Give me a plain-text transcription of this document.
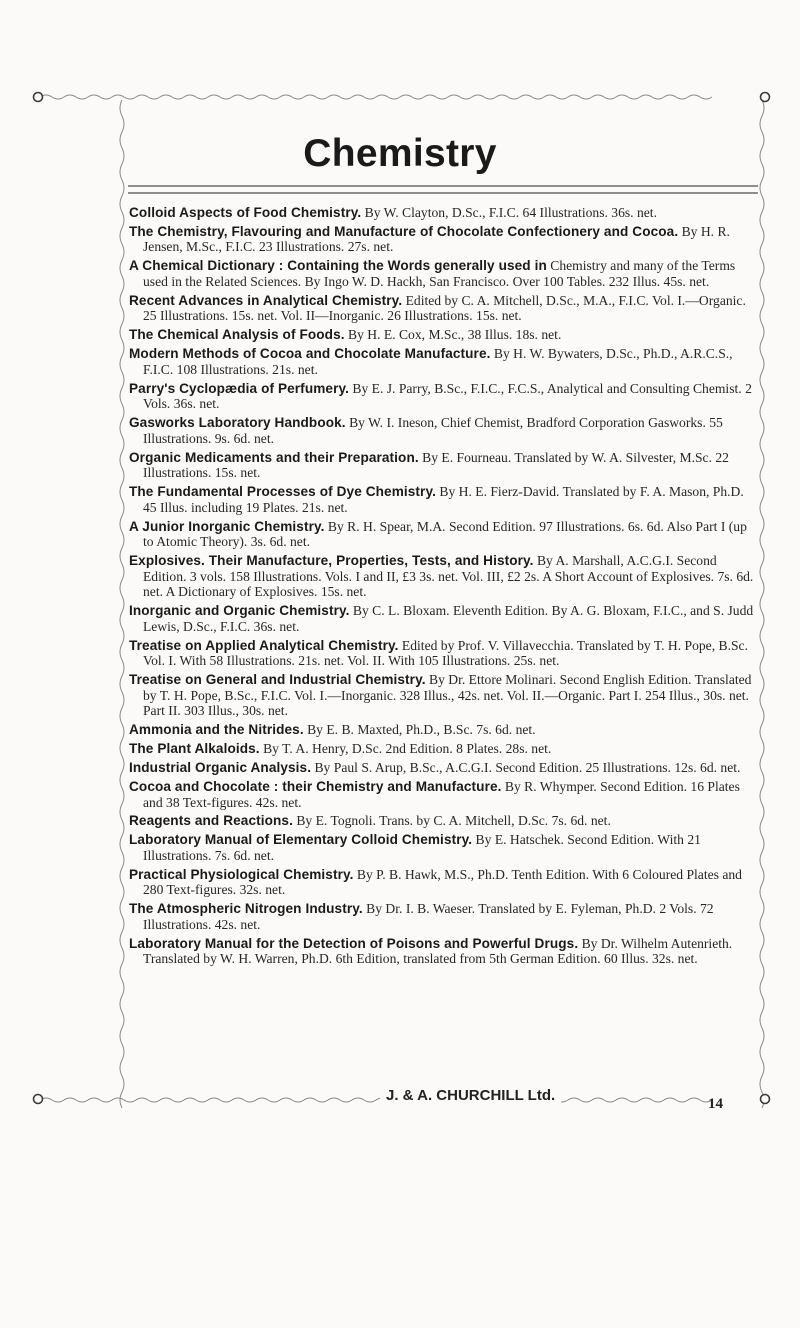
Chemistry

Colloid Aspects of Food Chemistry. By W. Clayton, D.Sc., F.I.C. 64 Illustrations. 36s. net.

The Chemistry, Flavouring and Manufacture of Chocolate Confectionery and Cocoa. By H. R. Jensen, M.Sc., F.I.C. 23 Illustrations. 27s. net.

A Chemical Dictionary : Containing the Words generally used in Chemistry and many of the Terms used in the Related Sciences. By Ingo W. D. Hackh, San Francisco. Over 100 Tables. 232 Illus. 45s. net.

Recent Advances in Analytical Chemistry. Edited by C. A. Mitchell, D.Sc., M.A., F.I.C. Vol. I.—Organic. 25 Illustrations. 15s. net. Vol. II—Inorganic. 26 Illustrations. 15s. net.

The Chemical Analysis of Foods. By H. E. Cox, M.Sc., 38 Illus. 18s. net.

Modern Methods of Cocoa and Chocolate Manufacture. By H. W. Bywaters, D.Sc., Ph.D., A.R.C.S., F.I.C. 108 Illustrations. 21s. net.

Parry's Cyclopædia of Perfumery. By E. J. Parry, B.Sc., F.I.C., F.C.S., Analytical and Consulting Chemist. 2 Vols. 36s. net.

Gasworks Laboratory Handbook. By W. I. Ineson, Chief Chemist, Bradford Corporation Gasworks. 55 Illustrations. 9s. 6d. net.

Organic Medicaments and their Preparation. By E. Fourneau. Translated by W. A. Silvester, M.Sc. 22 Illustrations. 15s. net.

The Fundamental Processes of Dye Chemistry. By H. E. Fierz-David. Translated by F. A. Mason, Ph.D. 45 Illus. including 19 Plates. 21s. net.

A Junior Inorganic Chemistry. By R. H. Spear, M.A. Second Edition. 97 Illustrations. 6s. 6d. Also Part I (up to Atomic Theory). 3s. 6d. net.

Explosives. Their Manufacture, Properties, Tests, and History. By A. Marshall, A.C.G.I. Second Edition. 3 vols. 158 Illustrations. Vols. I and II, £3 3s. net. Vol. III, £2 2s. A Short Account of Explosives. 7s. 6d. net. A Dictionary of Explosives. 15s. net.

Inorganic and Organic Chemistry. By C. L. Bloxam. Eleventh Edition. By A. G. Bloxam, F.I.C., and S. Judd Lewis, D.Sc., F.I.C. 36s. net.

Treatise on Applied Analytical Chemistry. Edited by Prof. V. Villavecchia. Translated by T. H. Pope, B.Sc. Vol. I. With 58 Illustrations. 21s. net. Vol. II. With 105 Illustrations. 25s. net.

Treatise on General and Industrial Chemistry. By Dr. Ettore Molinari. Second English Edition. Translated by T. H. Pope, B.Sc., F.I.C. Vol. I.—Inorganic. 328 Illus., 42s. net. Vol. II.—Organic. Part I. 254 Illus., 30s. net. Part II. 303 Illus., 30s. net.

Ammonia and the Nitrides. By E. B. Maxted, Ph.D., B.Sc. 7s. 6d. net.

The Plant Alkaloids. By T. A. Henry, D.Sc. 2nd Edition. 8 Plates. 28s. net.

Industrial Organic Analysis. By Paul S. Arup, B.Sc., A.C.G.I. Second Edition. 25 Illustrations. 12s. 6d. net.

Cocoa and Chocolate : their Chemistry and Manufacture. By R. Whymper. Second Edition. 16 Plates and 38 Text-figures. 42s. net.

Reagents and Reactions. By E. Tognoli. Trans. by C. A. Mitchell, D.Sc. 7s. 6d. net.

Laboratory Manual of Elementary Colloid Chemistry. By E. Hatschek. Second Edition. With 21 Illustrations. 7s. 6d. net.

Practical Physiological Chemistry. By P. B. Hawk, M.S., Ph.D. Tenth Edition. With 6 Coloured Plates and 280 Text-figures. 32s. net.

The Atmospheric Nitrogen Industry. By Dr. I. B. Waeser. Translated by E. Fyleman, Ph.D. 2 Vols. 72 Illustrations. 42s. net.

Laboratory Manual for the Detection of Poisons and Powerful Drugs. By Dr. Wilhelm Autenrieth. Translated by W. H. Warren, Ph.D. 6th Edition, translated from 5th German Edition. 60 Illus. 32s. net.

J. & A. CHURCHILL Ltd.	14
